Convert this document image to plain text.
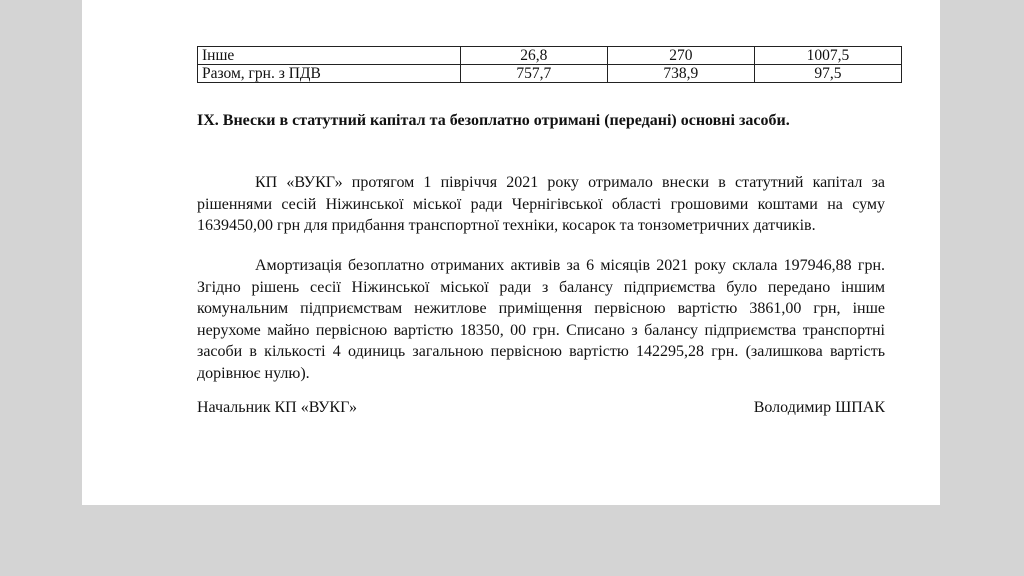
Інше	26,8	270	1007,5
Разом, грн. з ПДВ	757,7	738,9	97,5
IX. Внески в статутний капітал та безоплатно отримані (передані) основні засоби.

КП «ВУКГ» протягом 1 півріччя 2021 року отримало внески в статутний капітал за рішеннями сесій Ніжинської міської ради Чернігівської області грошовими коштами на суму 1639450,00 грн для придбання транспортної техніки, косарок та тонзометричних датчиків.

Амортизація безоплатно отриманих активів за 6 місяців 2021 року склала 197946,88 грн. Згідно рішень сесії Ніжинської міської ради з балансу підприємства було передано іншим комунальним підприємствам нежитлове приміщення первісною вартістю 3861,00 грн, інше нерухоме майно первісною вартістю 18350, 00 грн. Списано з балансу підприємства транспортні засоби в кількості 4 одиниць загальною первісною вартістю 142295,28 грн. (залишкова вартість дорівнює нулю).

Начальник КП «ВУКГ»	Володимир ШПАК
